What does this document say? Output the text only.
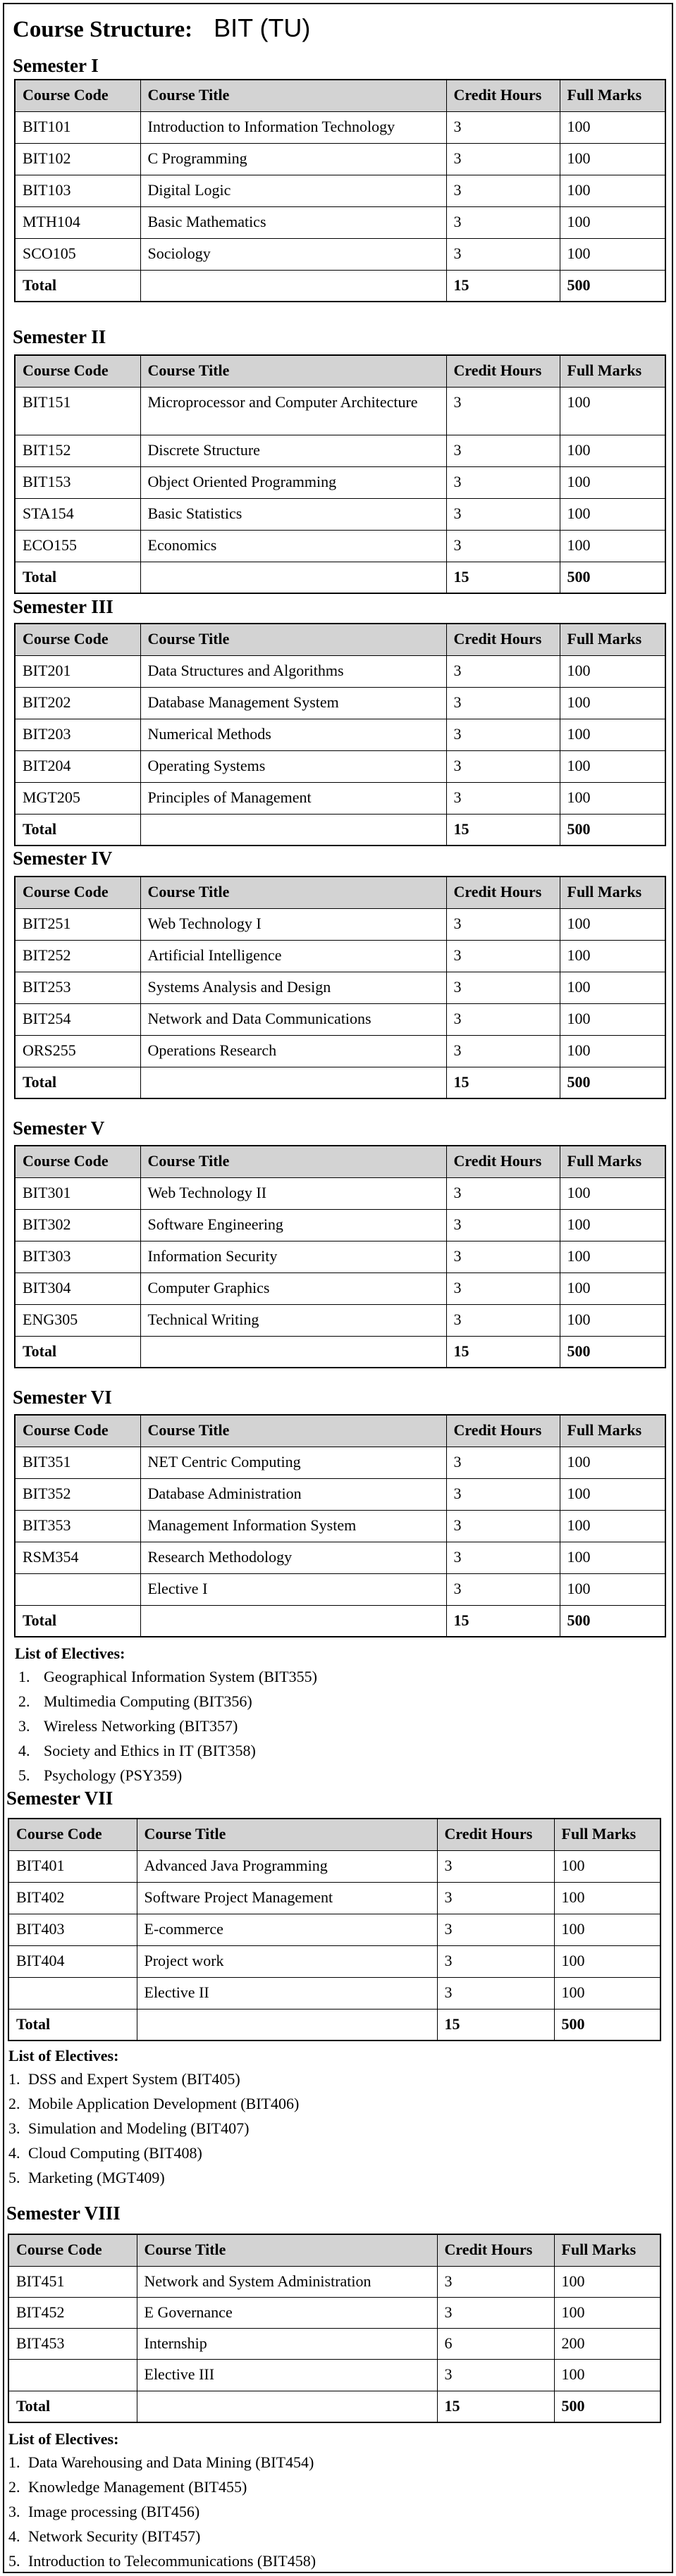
Course Structure: BIT (TU)
Semester I
Course Code	Course Title	Credit Hours	Full Marks
BIT101	Introduction to Information Technology	3	100
BIT102	C Programming	3	100
BIT103	Digital Logic	3	100
MTH104	Basic Mathematics	3	100
SCO105	Sociology	3	100
Total		15	500
Semester II
Course Code	Course Title	Credit Hours	Full Marks
BIT151	Microprocessor and Computer Architecture	3	100
BIT152	Discrete Structure	3	100
BIT153	Object Oriented Programming	3	100
STA154	Basic Statistics	3	100
ECO155	Economics	3	100
Total		15	500
Semester III
Course Code	Course Title	Credit Hours	Full Marks
BIT201	Data Structures and Algorithms	3	100
BIT202	Database Management System	3	100
BIT203	Numerical Methods	3	100
BIT204	Operating Systems	3	100
MGT205	Principles of Management	3	100
Total		15	500
Semester IV
Course Code	Course Title	Credit Hours	Full Marks
BIT251	Web Technology I	3	100
BIT252	Artificial Intelligence	3	100
BIT253	Systems Analysis and Design	3	100
BIT254	Network and Data Communications	3	100
ORS255	Operations Research	3	100
Total		15	500
Semester V
Course Code	Course Title	Credit Hours	Full Marks
BIT301	Web Technology II	3	100
BIT302	Software Engineering	3	100
BIT303	Information Security	3	100
BIT304	Computer Graphics	3	100
ENG305	Technical Writing	3	100
Total		15	500
Semester VI
Course Code	Course Title	Credit Hours	Full Marks
BIT351	NET Centric Computing	3	100
BIT352	Database Administration	3	100
BIT353	Management Information System	3	100
RSM354	Research Methodology	3	100
	Elective I	3	100
Total		15	500
List of Electives:
1. Geographical Information System (BIT355)
2. Multimedia Computing (BIT356)
3. Wireless Networking (BIT357)
4. Society and Ethics in IT (BIT358)
5. Psychology (PSY359)
Semester VII
Course Code	Course Title	Credit Hours	Full Marks
BIT401	Advanced Java Programming	3	100
BIT402	Software Project Management	3	100
BIT403	E-commerce	3	100
BIT404	Project work	3	100
	Elective II	3	100
Total		15	500
List of Electives:
1. DSS and Expert System (BIT405)
2. Mobile Application Development (BIT406)
3. Simulation and Modeling (BIT407)
4. Cloud Computing (BIT408)
5. Marketing (MGT409)
Semester VIII
Course Code	Course Title	Credit Hours	Full Marks
BIT451	Network and System Administration	3	100
BIT452	E Governance	3	100
BIT453	Internship	6	200
	Elective III	3	100
Total		15	500
List of Electives:
1. Data Warehousing and Data Mining (BIT454)
2. Knowledge Management (BIT455)
3. Image processing (BIT456)
4. Network Security (BIT457)
5. Introduction to Telecommunications (BIT458)
